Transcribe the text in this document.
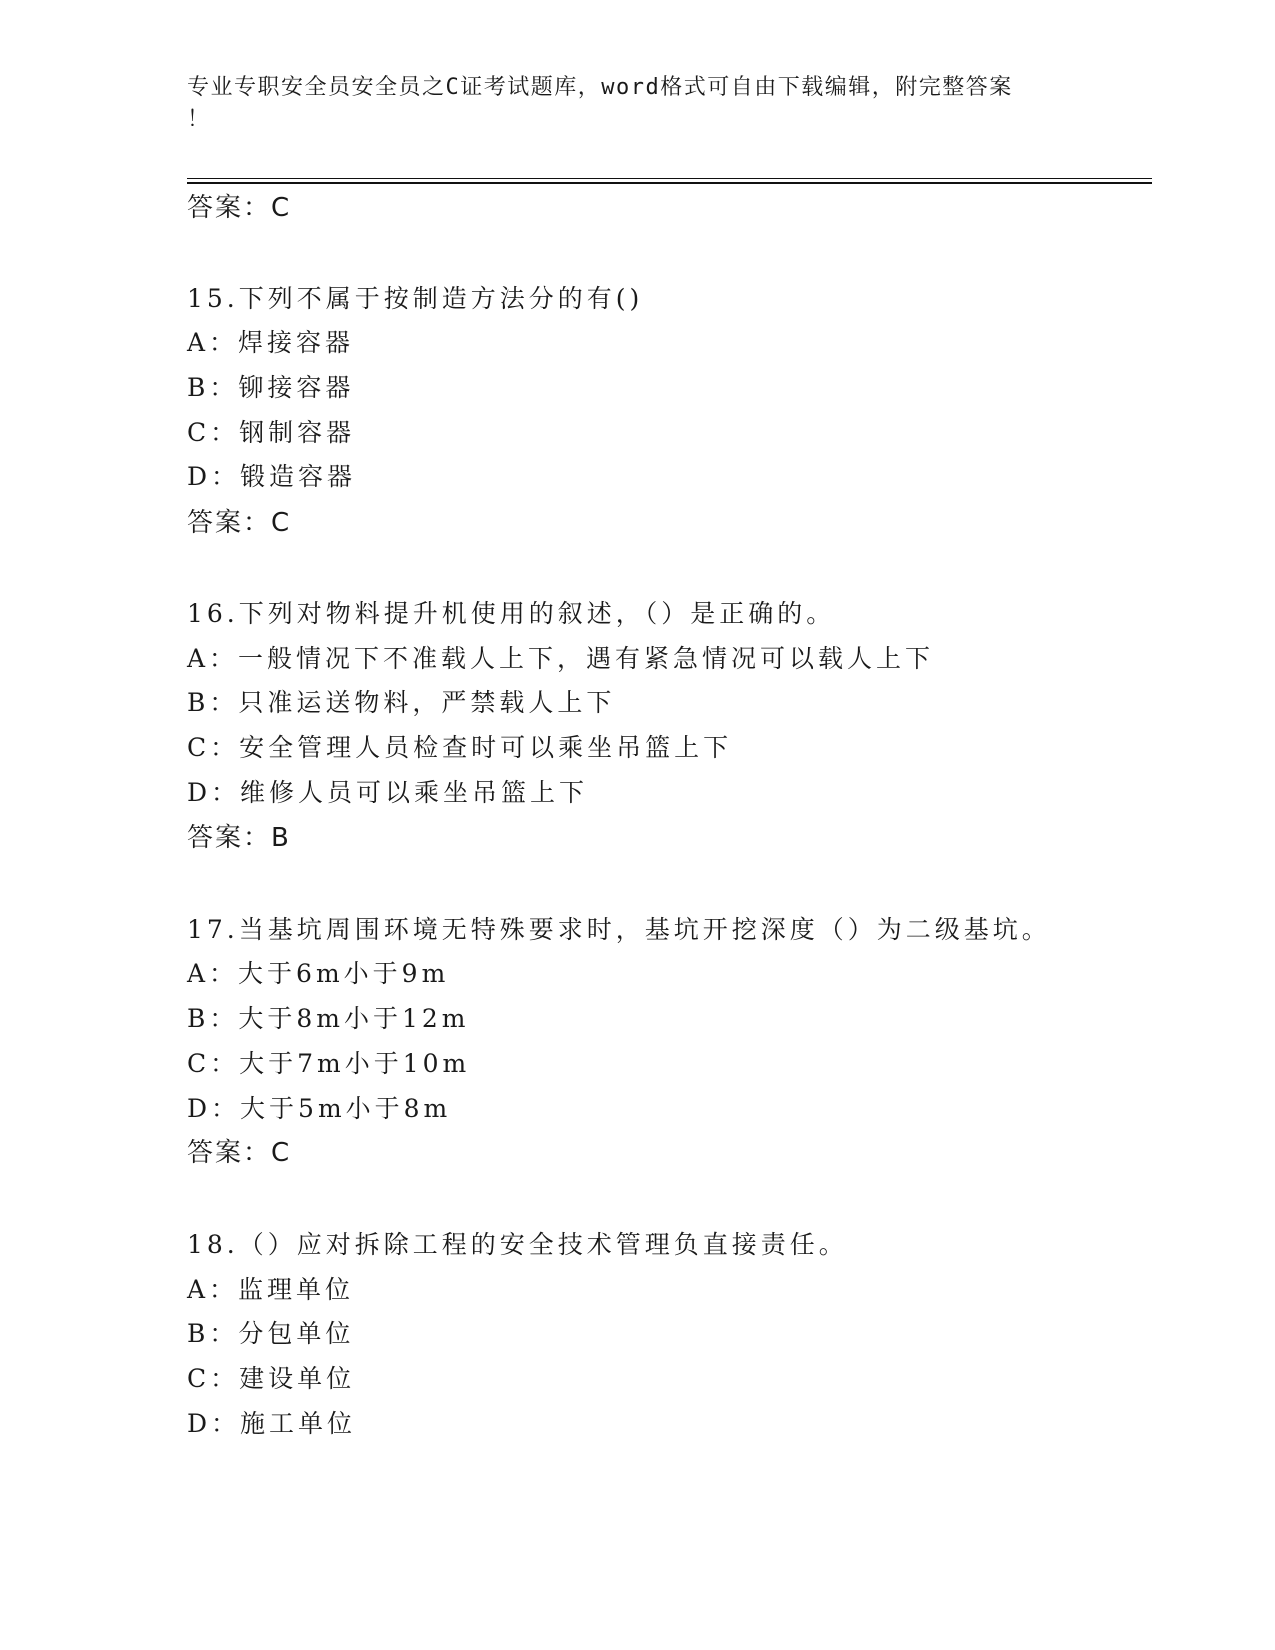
专业专职安全员安全员之C证考试题库，word格式可自由下载编辑，附完整答案
！
答案：C
15.下列不属于按制造方法分的有()
A：焊接容器
B：铆接容器
C：钢制容器
D：锻造容器
答案：C
16.下列对物料提升机使用的叙述，（）是正确的。
A：一般情况下不准载人上下，遇有紧急情况可以载人上下
B：只准运送物料，严禁载人上下
C：安全管理人员检查时可以乘坐吊篮上下
D：维修人员可以乘坐吊篮上下
答案：B
17.当基坑周围环境无特殊要求时，基坑开挖深度（）为二级基坑。
A：大于6m小于9m
B：大于8m小于12m
C：大于7m小于10m
D：大于5m小于8m
答案：C
18.（）应对拆除工程的安全技术管理负直接责任。
A：监理单位
B：分包单位
C：建设单位
D：施工单位
